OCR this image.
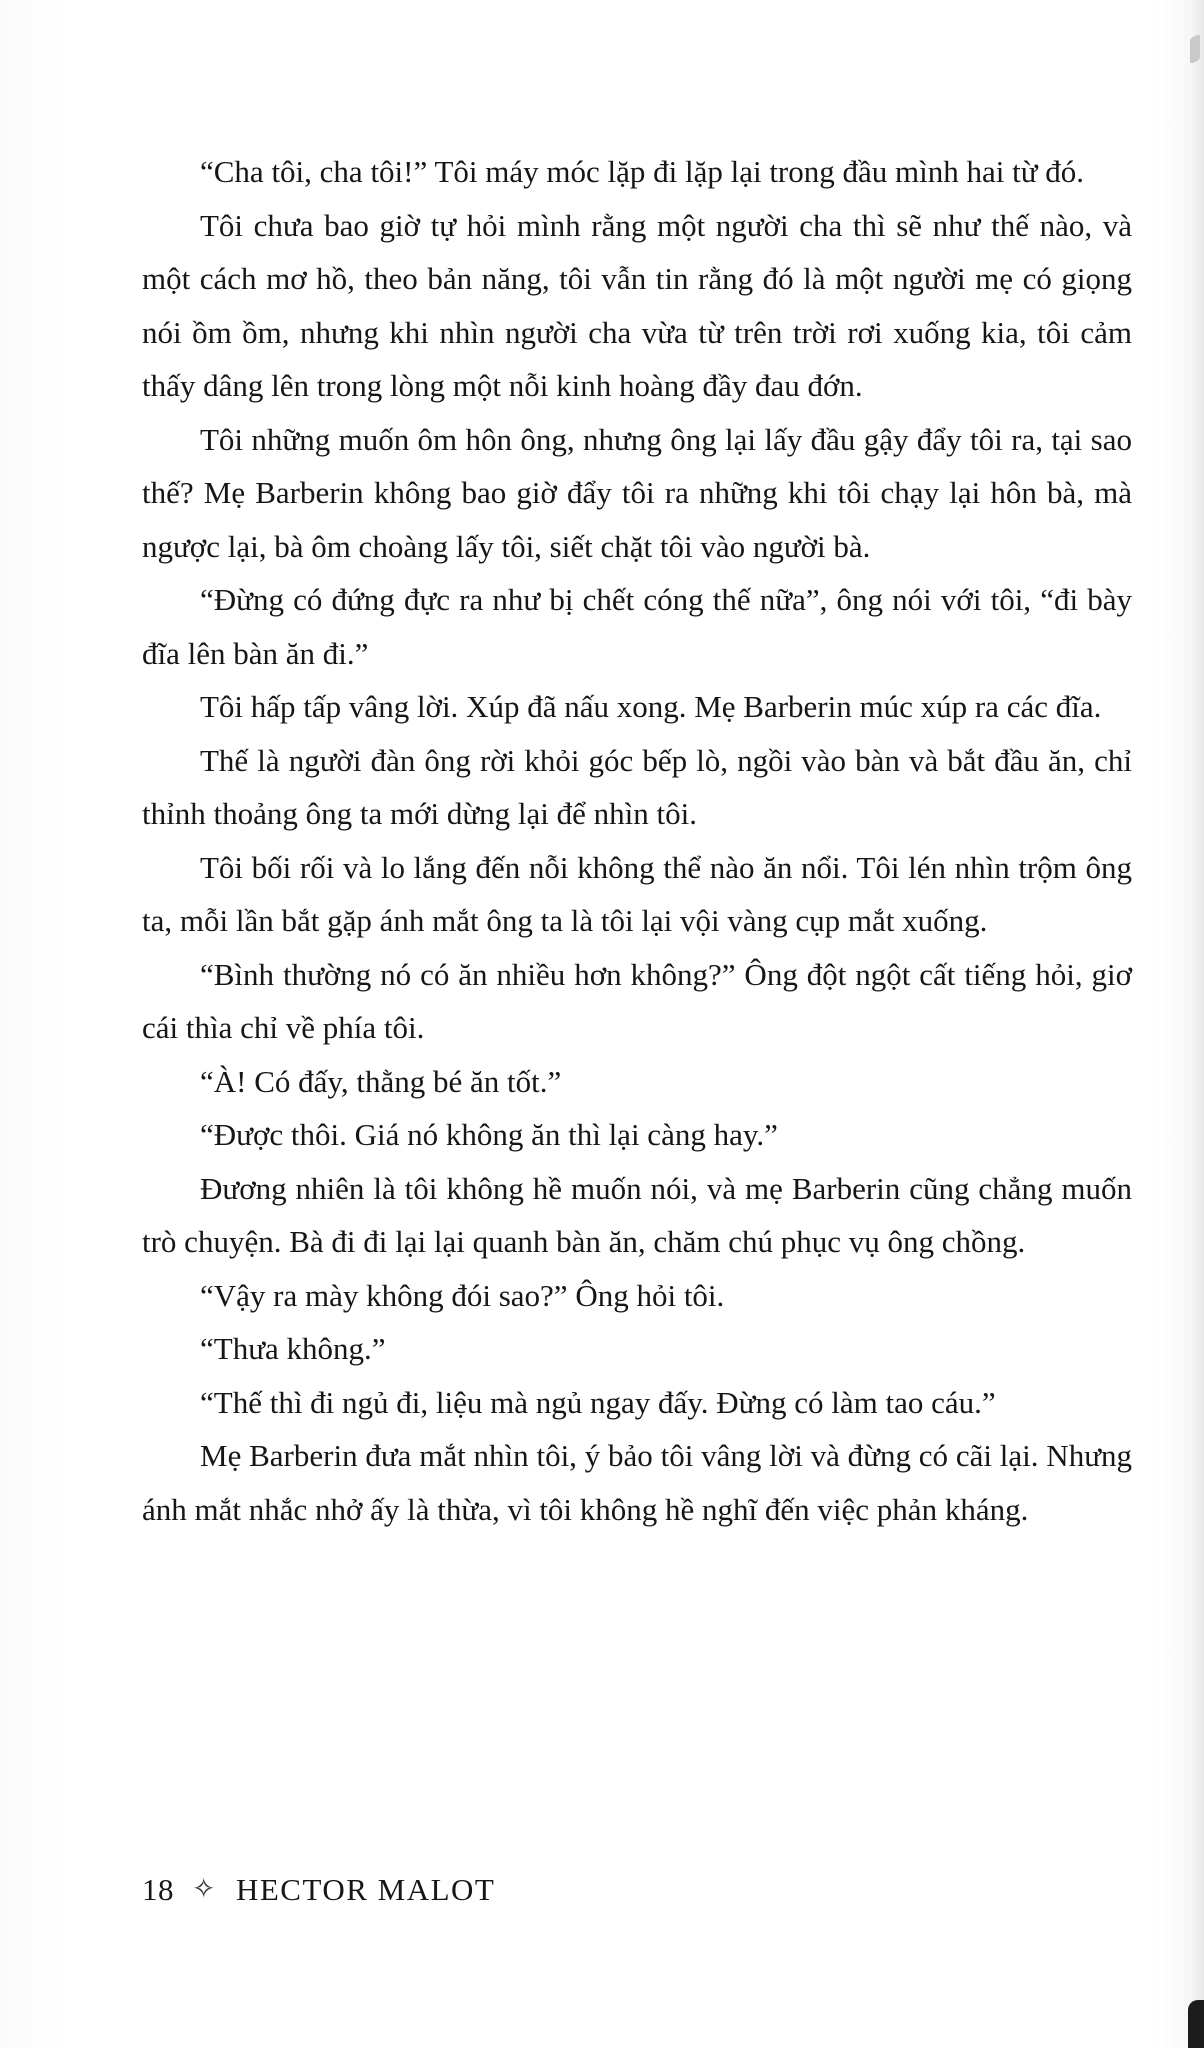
“Cha tôi, cha tôi!” Tôi máy móc lặp đi lặp lại trong đầu mình hai từ đó.

Tôi chưa bao giờ tự hỏi mình rằng một người cha thì sẽ như thế nào, và một cách mơ hồ, theo bản năng, tôi vẫn tin rằng đó là một người mẹ có giọng nói ồm ồm, nhưng khi nhìn người cha vừa từ trên trời rơi xuống kia, tôi cảm thấy dâng lên trong lòng một nỗi kinh hoàng đầy đau đớn.

Tôi những muốn ôm hôn ông, nhưng ông lại lấy đầu gậy đẩy tôi ra, tại sao thế? Mẹ Barberin không bao giờ đẩy tôi ra những khi tôi chạy lại hôn bà, mà ngược lại, bà ôm choàng lấy tôi, siết chặt tôi vào người bà.

“Đừng có đứng đực ra như bị chết cóng thế nữa”, ông nói với tôi, “đi bày đĩa lên bàn ăn đi.”

Tôi hấp tấp vâng lời. Xúp đã nấu xong. Mẹ Barberin múc xúp ra các đĩa.

Thế là người đàn ông rời khỏi góc bếp lò, ngồi vào bàn và bắt đầu ăn, chỉ thỉnh thoảng ông ta mới dừng lại để nhìn tôi.

Tôi bối rối và lo lắng đến nỗi không thể nào ăn nổi. Tôi lén nhìn trộm ông ta, mỗi lần bắt gặp ánh mắt ông ta là tôi lại vội vàng cụp mắt xuống.

“Bình thường nó có ăn nhiều hơn không?” Ông đột ngột cất tiếng hỏi, giơ cái thìa chỉ về phía tôi.

“À! Có đấy, thằng bé ăn tốt.”

“Được thôi. Giá nó không ăn thì lại càng hay.”

Đương nhiên là tôi không hề muốn nói, và mẹ Barberin cũng chẳng muốn trò chuyện. Bà đi đi lại lại quanh bàn ăn, chăm chú phục vụ ông chồng.

“Vậy ra mày không đói sao?” Ông hỏi tôi.

“Thưa không.”

“Thế thì đi ngủ đi, liệu mà ngủ ngay đấy. Đừng có làm tao cáu.”

Mẹ Barberin đưa mắt nhìn tôi, ý bảo tôi vâng lời và đừng có cãi lại. Nhưng ánh mắt nhắc nhở ấy là thừa, vì tôi không hề nghĩ đến việc phản kháng.

18 ✧ HECTOR MALOT
